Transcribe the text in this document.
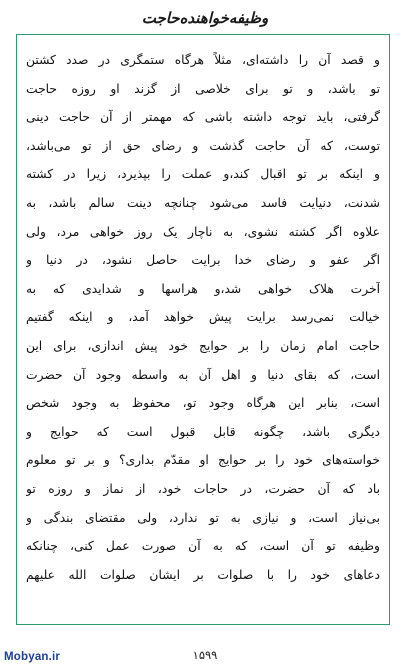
وظیفه‌خواهنده‌حاجت
و قصد آن را داشته‌ای، مثلاً هرگاه ستمگری در صدد کشتن
تو باشد، و تو برای خلاصی از گزند او روزه حاجت
گرفتی، باید توجه داشته باشی که مهمتر از آن حاجت دینی
توست، که آن حاجت گذشت و رضای حق از تو می‌باشد،
و اینکه بر تو اقبال کند،و عملت را بپذیرد، زیرا در کشته
شدنت، دنیایت فاسد می‌شود چنانچه دینت سالم باشد، به
علاوه اگر کشته نشوی، به ناچار یک روز خواهی مرد، ولی
اگر عفو و رضای خدا برایت حاصل نشود، در دنیا و
آخرت هلاک خواهی شد،و هراسها و شدایدی که به
خیالت نمی‌رسد برایت پیش خواهد آمد، و اینکه گفتیم
حاجت امام زمان را بر حوایج خود پیش اندازی، برای این
است، که بقای دنیا و اهل آن به واسطه وجود آن حضرت
است، بنابر این هرگاه وجود تو، محفوظ به وجود شخص
دیگری باشد، چگونه قابل قبول است که حوایج و
خواسته‌های خود را بر حوایج او مقدّم بداری؟ و بر تو معلوم
باد که آن حضرت، در حاجات خود، از نماز و روزه تو
بی‌نیاز است، و نیازی به تو ندارد، ولی مقتضای بندگی و
وظیفه تو آن است، که به آن صورت عمل کنی، چنانکه
دعاهای خود را با صلوات بر ایشان صلوات الله علیهم
Mobyan.ir	۱۵۹۹
